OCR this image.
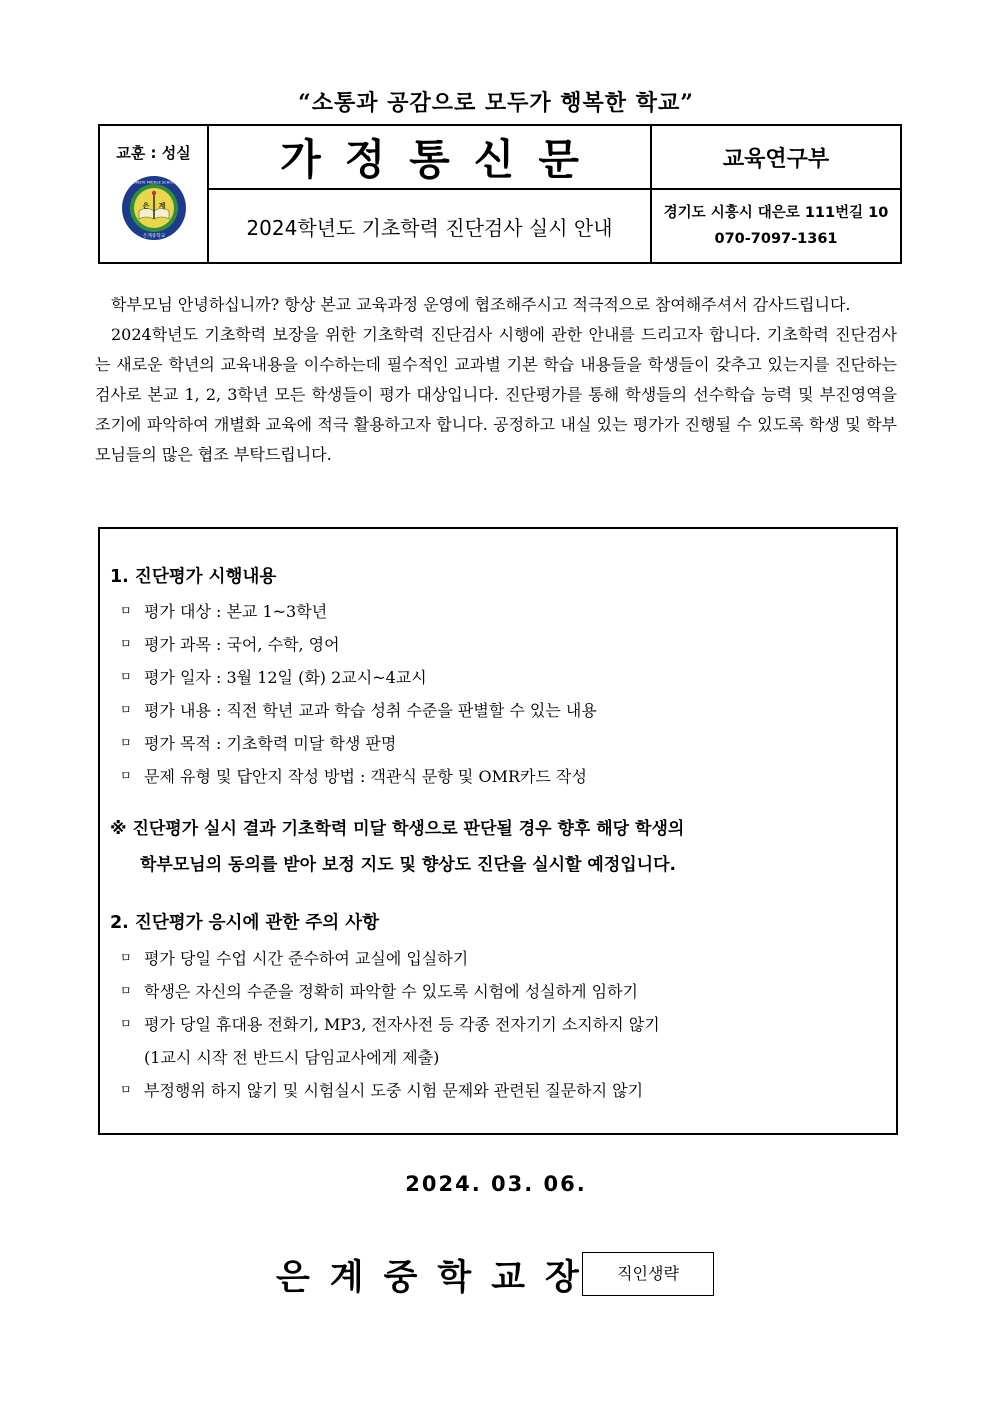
“소통과 공감으로 모두가 행복한 학교”
교훈 : 성실
은 계
EUNGYE MIDDLE SCHOOL
은계중학교	가정통신문	교육연구부

	2024학년도 기초학력 진단검사 실시 안내	경기도 시흥시 대은로 111번길 10
070-7097-1361

학부모님 안녕하십니까? 항상 본교 교육과정 운영에 협조해주시고 적극적으로 참여해주셔서 감사드립니다.

2024학년도 기초학력 보장을 위한 기초학력 진단검사 시행에 관한 안내를 드리고자 합니다. 기초학력 진단검사는 새로운 학년의 교육내용을 이수하는데 필수적인 교과별 기본 학습 내용들을 학생들이 갖추고 있는지를 진단하는 검사로 본교 1, 2, 3학년 모든 학생들이 평가 대상입니다. 진단평가를 통해 학생들의 선수학습 능력 및 부진영역을 조기에 파악하여 개별화 교육에 적극 활용하고자 합니다. 공정하고 내실 있는 평가가 진행될 수 있도록 학생 및 학부모님들의 많은 협조 부탁드립니다.

1. 진단평가 시행내용
ㅁ 평가 대상 : 본교 1~3학년
ㅁ 평가 과목 : 국어, 수학, 영어
ㅁ 평가 일자 : 3월 12일 (화) 2교시~4교시
ㅁ 평가 내용 : 직전 학년 교과 학습 성취 수준을 판별할 수 있는 내용
ㅁ 평가 목적 : 기초학력 미달 학생 판명
ㅁ 문제 유형 및 답안지 작성 방법 : 객관식 문항 및 OMR카드 작성
※ 진단평가 실시 결과 기초학력 미달 학생으로 판단될 경우 향후 해당 학생의
학부모님의 동의를 받아 보정 지도 및 향상도 진단을 실시할 예정입니다.
2. 진단평가 응시에 관한 주의 사항
ㅁ 평가 당일 수업 시간 준수하여 교실에 입실하기
ㅁ 학생은 자신의 수준을 정확히 파악할 수 있도록 시험에 성실하게 임하기
ㅁ 평가 당일 휴대용 전화기, MP3, 전자사전 등 각종 전자기기 소지하지 않기
(1교시 시작 전 반드시 담임교사에게 제출)
ㅁ 부정행위 하지 않기 및 시험실시 도중 시험 문제와 관련된 질문하지 않기
2024. 03. 06.
은계중학교장	직인생략
